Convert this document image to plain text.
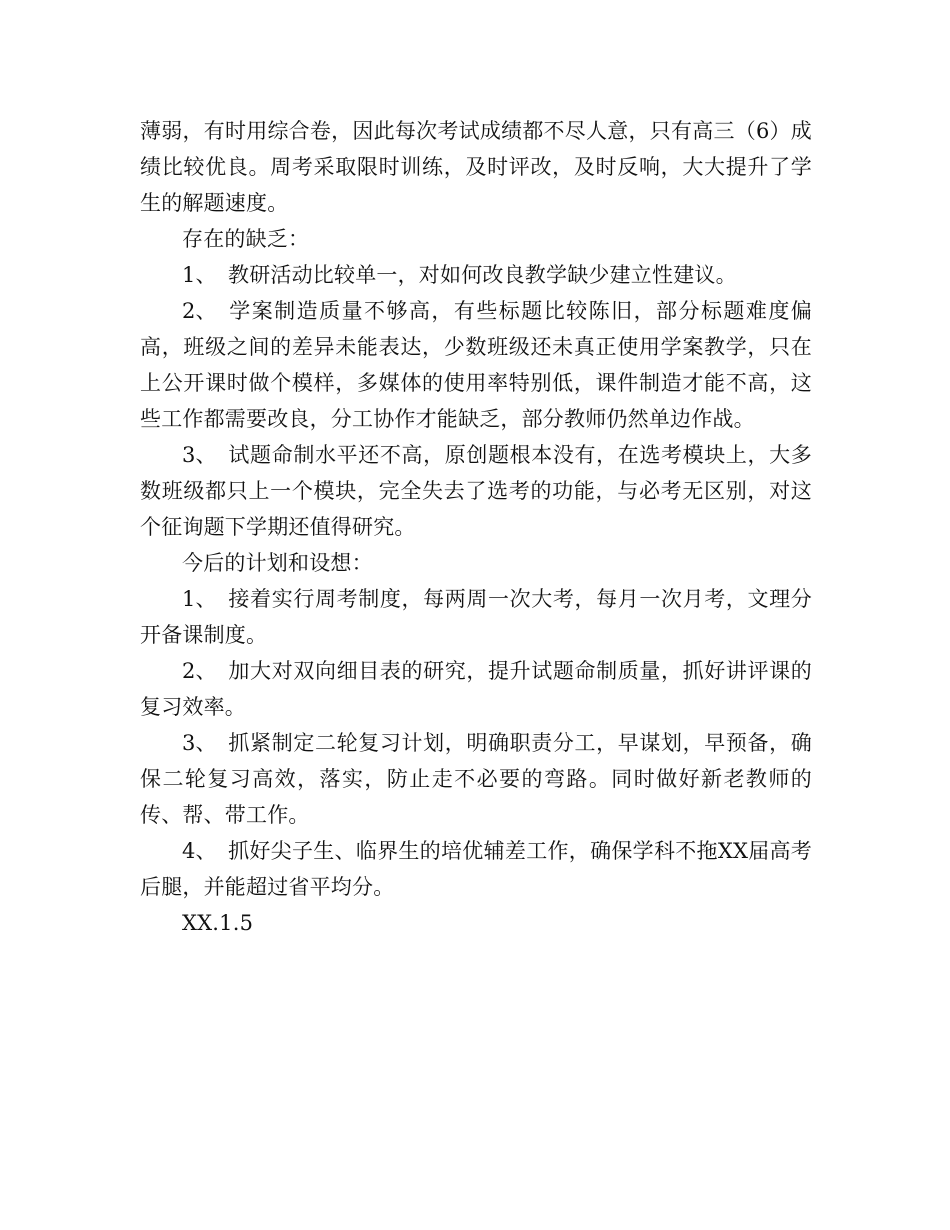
薄弱，有时用综合卷，因此每次考试成绩都不尽人意，只有高三（6）成绩比较优良。周考采取限时训练，及时评改，及时反响，大大提升了学生的解题速度。

存在的缺乏：

1、 教研活动比较单一，对如何改良教学缺少建立性建议。

2、 学案制造质量不够高，有些标题比较陈旧，部分标题难度偏高，班级之间的差异未能表达，少数班级还未真正使用学案教学，只在上公开课时做个模样，多媒体的使用率特别低，课件制造才能不高，这些工作都需要改良，分工协作才能缺乏，部分教师仍然单边作战。

3、 试题命制水平还不高，原创题根本没有，在选考模块上，大多数班级都只上一个模块，完全失去了选考的功能，与必考无区别，对这个征询题下学期还值得研究。

今后的计划和设想：

1、 接着实行周考制度，每两周一次大考，每月一次月考，文理分开备课制度。

2、 加大对双向细目表的研究，提升试题命制质量，抓好讲评课的复习效率。

3、 抓紧制定二轮复习计划，明确职责分工，早谋划，早预备，确保二轮复习高效，落实，防止走不必要的弯路。同时做好新老教师的传、帮、带工作。

4、 抓好尖子生、临界生的培优辅差工作，确保学科不拖XX届高考后腿，并能超过省平均分。

XX.1.5
